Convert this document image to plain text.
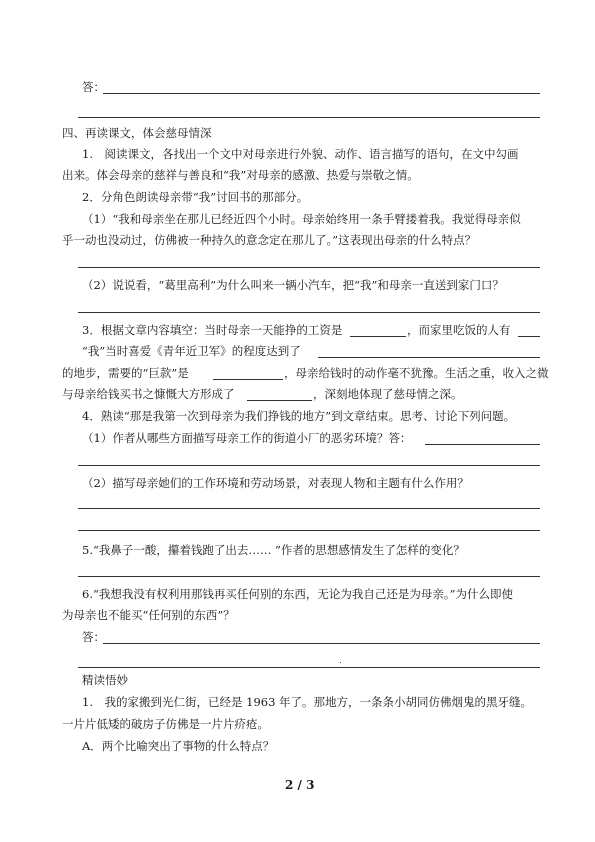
答：
四、再读课文，体会慈母情深
1.　阅读课文，各找出一个文中对母亲进行外貌、动作、语言描写的语句，在文中勾画
出来。体会母亲的慈祥与善良和“我”对母亲的感激、热爱与崇敬之情。
2．分角色朗读母亲带“我”讨回书的那部分。
（1）“我和母亲坐在那儿已经近四个小时。母亲始终用一条手臂搂着我。我觉得母亲似
乎一动也没动过，仿佛被一种持久的意念定在那儿了。”这表现出母亲的什么特点？
（2）说说看，“葛里高利”为什么叫来一辆小汽车，把“我”和母亲一直送到家门口？
3．根据文章内容填空：当时母亲一天能挣的工资是	，而家里吃饭的人有
“我”当时喜爱《青年近卫军》的程度达到了
的地步，需要的“巨款”是	，母亲给钱时的动作毫不犹豫。生活之重，收入之微
与母亲给钱买书之慷慨大方形成了	，深刻地体现了慈母情之深。
4．熟读“那是我第一次到母亲为我们挣钱的地方”到文章结束。思考、讨论下列问题。
（1）作者从哪些方面描写母亲工作的街道小厂的恶劣环境？答：
（2）描写母亲她们的工作环境和劳动场景，对表现人物和主题有什么作用？
5.“我鼻子一酸，攥着钱跑了出去…… ”作者的思想感情发生了怎样的变化？
6.“我想我没有权利用那钱再买任何别的东西，无论为我自己还是为母亲。”为什么即使
为母亲也不能买“任何别的东西”？
答：
精读悟妙
1.　我的家搬到光仁街，已经是 1963 年了。那地方，一条条小胡同仿佛烟鬼的黑牙缝。
一片片低矮的破房子仿佛是一片片疥疮。
A．两个比喻突出了事物的什么特点？
2 / 3
